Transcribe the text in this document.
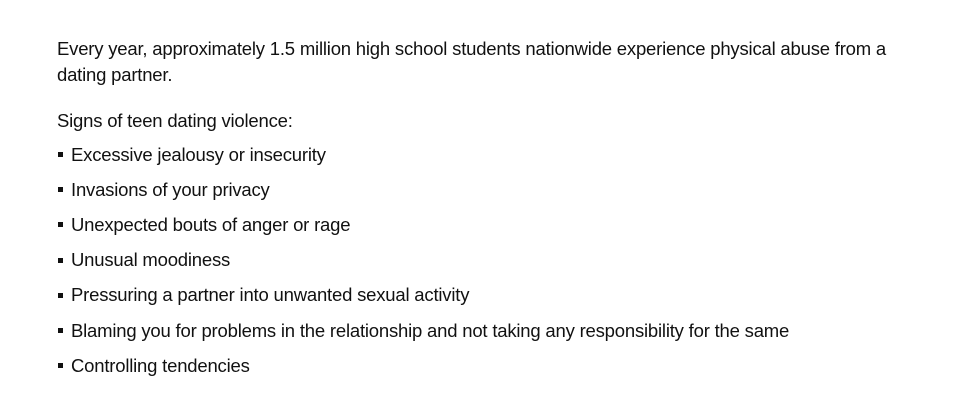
Every year, approximately 1.5 million high school students nationwide experience physical abuse from a dating partner.

Signs of teen dating violence:

Excessive jealousy or insecurity
Invasions of your privacy
Unexpected bouts of anger or rage
Unusual moodiness
Pressuring a partner into unwanted sexual activity
Blaming you for problems in the relationship and not taking any responsibility for the same
Controlling tendencies
